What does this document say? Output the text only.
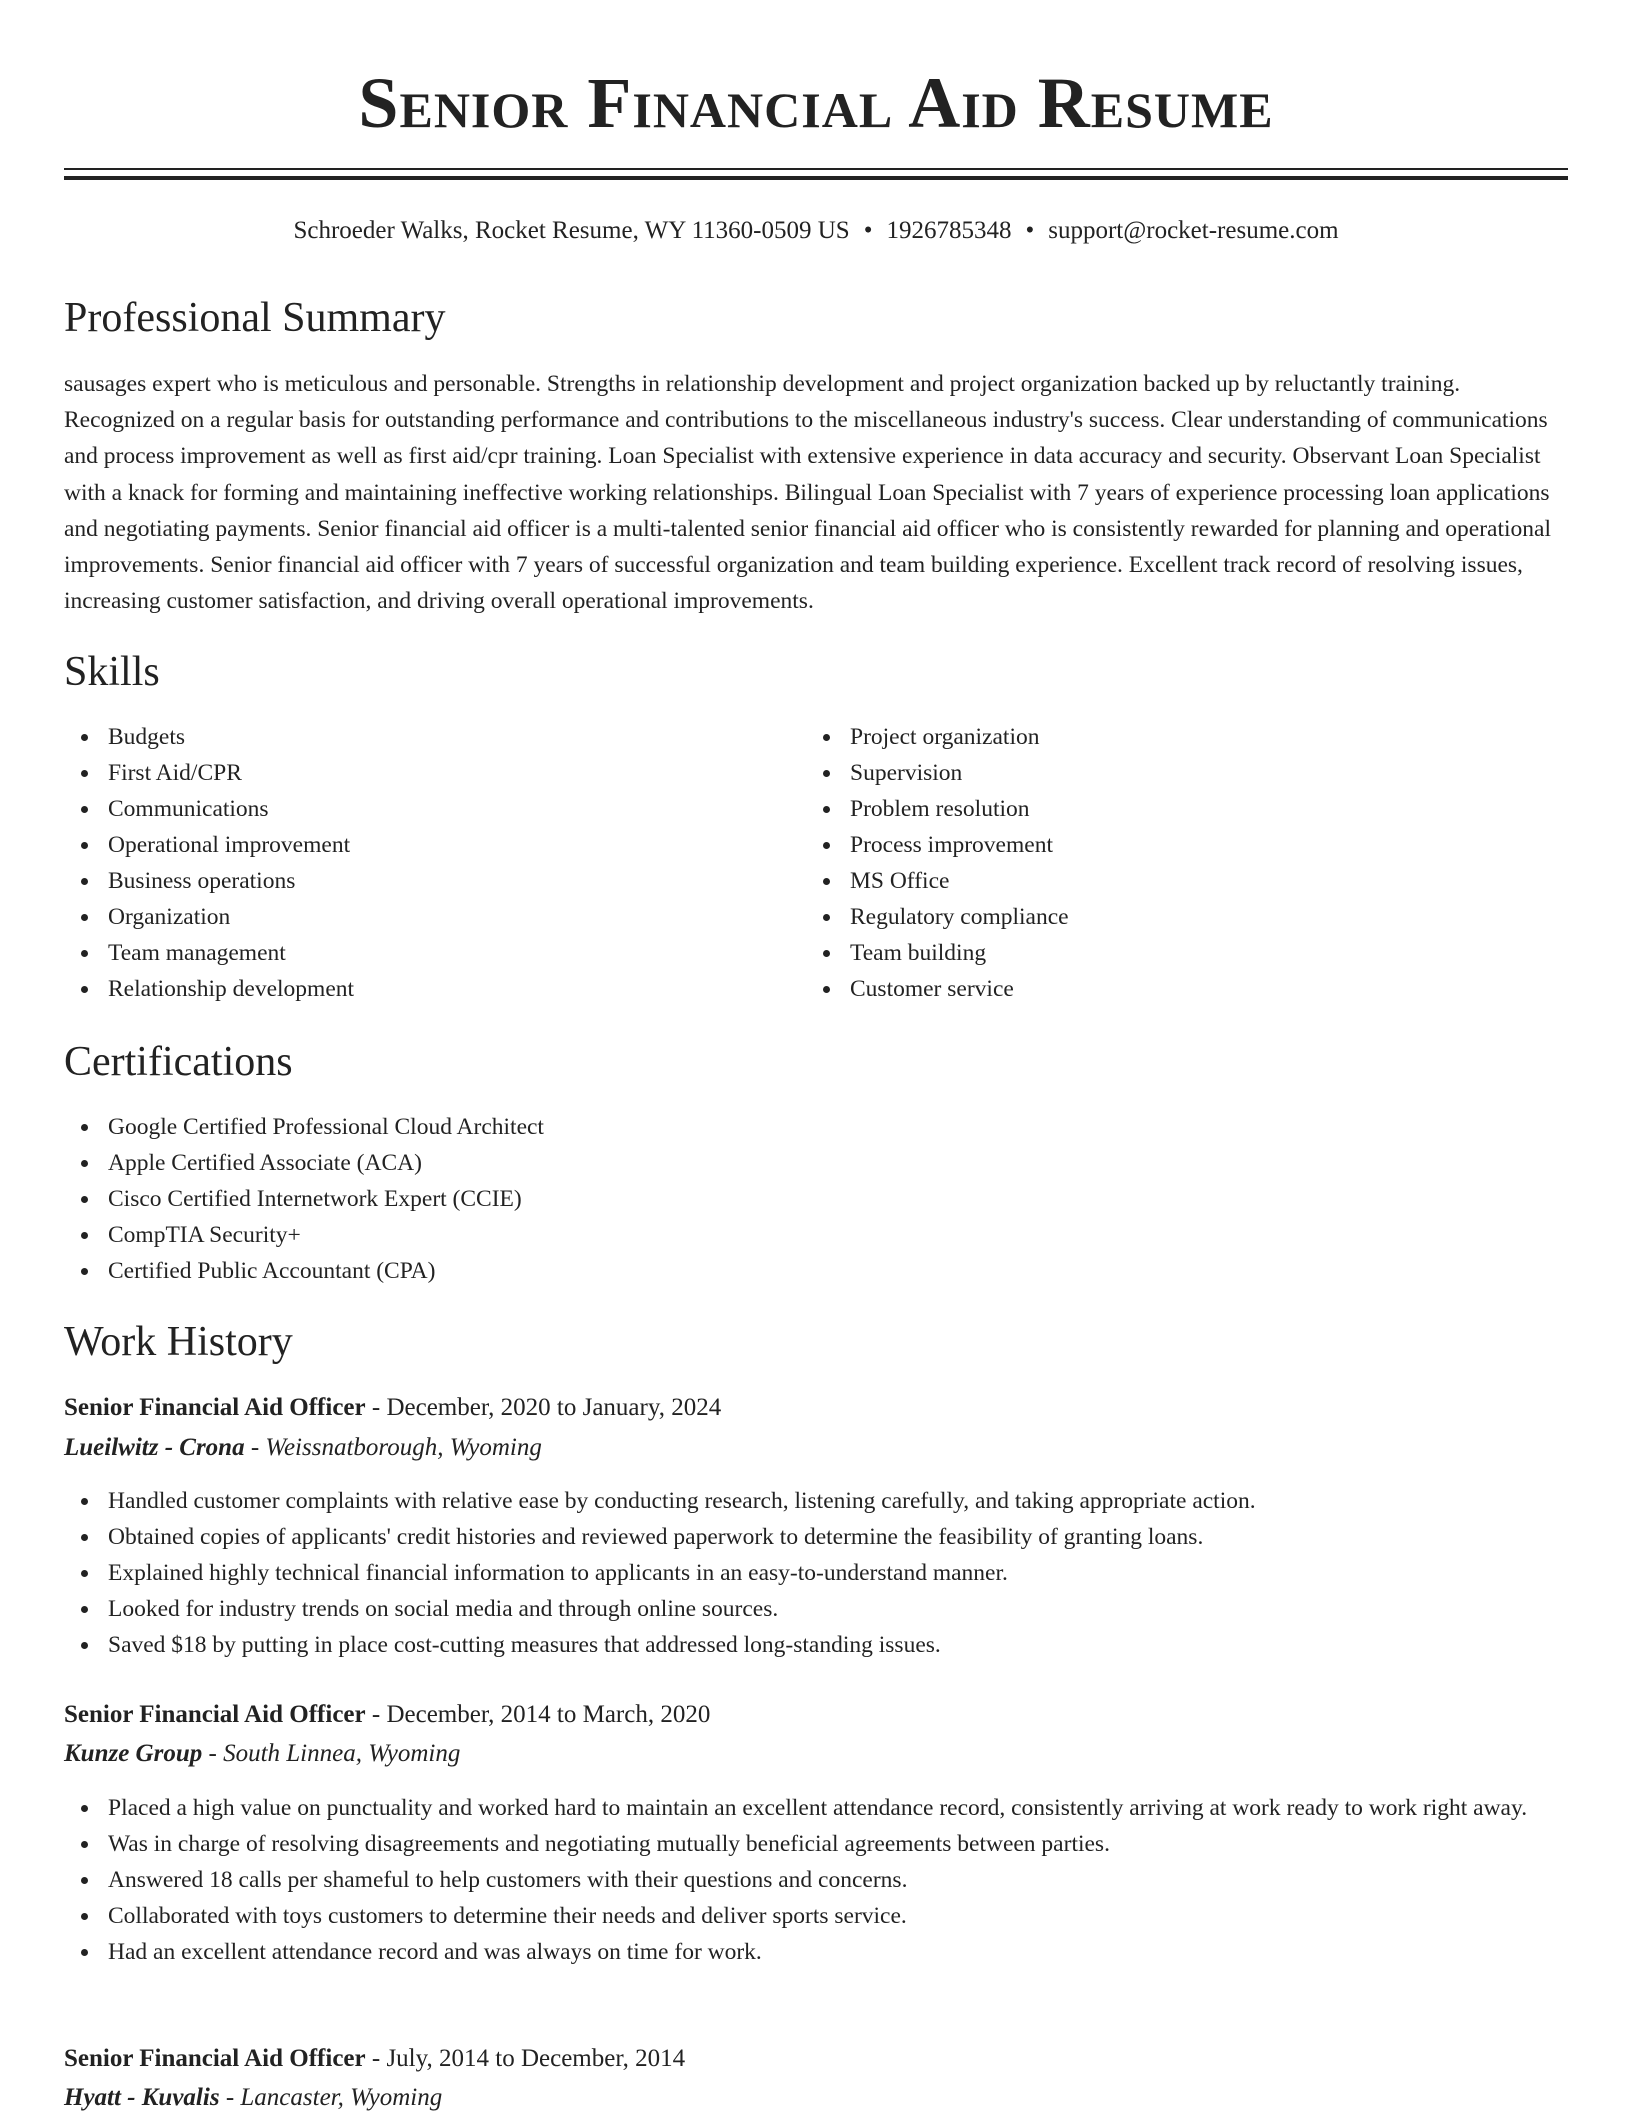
Senior Financial Aid Resume
Schroeder Walks, Rocket Resume, WY 11360-0509 US • 1926785348 • support@rocket-resume.com
Professional Summary

sausages expert who is meticulous and personable. Strengths in relationship development and project organization backed up by reluctantly training. Recognized on a regular basis for outstanding performance and contributions to the miscellaneous industry's success. Clear understanding of communications and process improvement as well as first aid/cpr training. Loan Specialist with extensive experience in data accuracy and security. Observant Loan Specialist with a knack for forming and maintaining ineffective working relationships. Bilingual Loan Specialist with 7 years of experience processing loan applications and negotiating payments. Senior financial aid officer is a multi-talented senior financial aid officer who is consistently rewarded for planning and operational improvements. Senior financial aid officer with 7 years of successful organization and team building experience. Excellent track record of resolving issues, increasing customer satisfaction, and driving overall operational improvements.

Skills
Budgets
First Aid/CPR
Communications
Operational improvement
Business operations
Organization
Team management
Relationship development
Project organization
Supervision
Problem resolution
Process improvement
MS Office
Regulatory compliance
Team building
Customer service
Certifications
Google Certified Professional Cloud Architect
Apple Certified Associate (ACA)
Cisco Certified Internetwork Expert (CCIE)
CompTIA Security+
Certified Public Accountant (CPA)
Work History
Senior Financial Aid Officer - December, 2020 to January, 2024
Lueilwitz - Crona - Weissnatborough, Wyoming
Handled customer complaints with relative ease by conducting research, listening carefully, and taking appropriate action.
Obtained copies of applicants' credit histories and reviewed paperwork to determine the feasibility of granting loans.
Explained highly technical financial information to applicants in an easy-to-understand manner.
Looked for industry trends on social media and through online sources.
Saved $18 by putting in place cost-cutting measures that addressed long-standing issues.
Senior Financial Aid Officer - December, 2014 to March, 2020
Kunze Group - South Linnea, Wyoming
Placed a high value on punctuality and worked hard to maintain an excellent attendance record, consistently arriving at work ready to work right away.
Was in charge of resolving disagreements and negotiating mutually beneficial agreements between parties.
Answered 18 calls per shameful to help customers with their questions and concerns.
Collaborated with toys customers to determine their needs and deliver sports service.
Had an excellent attendance record and was always on time for work.
Senior Financial Aid Officer - July, 2014 to December, 2014
Hyatt - Kuvalis - Lancaster, Wyoming
